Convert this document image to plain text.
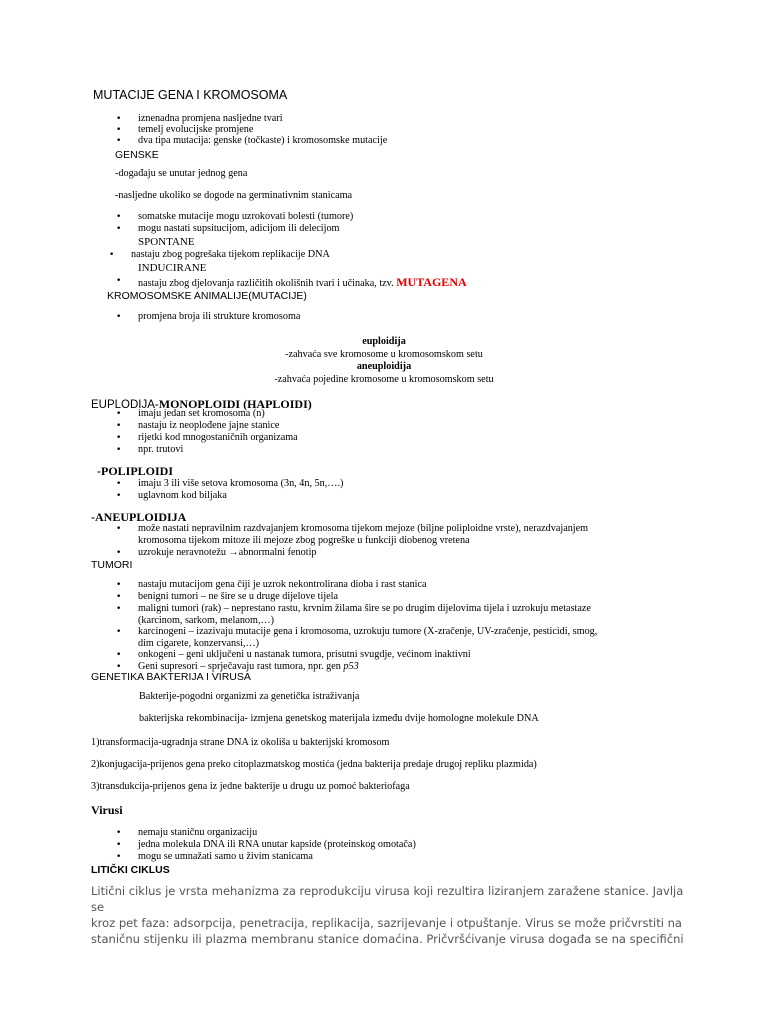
MUTACIJE GENA I KROMOSOMA
• iznenadna promjena nasljedne tvari
• temelj evolucijske promjene
• dva tipa mutacija: genske (točkaste) i kromosomske mutacije
GENSKE
-događaju se unutar jednog gena
-nasljedne ukoliko se dogode na germinativnim stanicama
• somatske mutacije mogu uzrokovati bolesti (tumore)
• mogu nastati supsitucijom, adicijom ili delecijom
SPONTANE
• nastaju zbog pogrešaka tijekom replikacije DNA
INDUCIRANE
• nastaju zbog djelovanja različitih okolišnih tvari i učinaka, tzv. MUTAGENA
KROMOSOMSKE ANIMALIJE(MUTACIJE)
• promjena broja ili strukture kromosoma
euploidija
-zahvaća sve kromosome u kromosomskom setu
aneuploidija
-zahvaća pojedine kromosome u kromosomskom setu
EUPLODIJA-MONOPLOIDI (HAPLOIDI)
• imaju jedan set kromosoma (n)
• nastaju iz neoplođene jajne stanice
• rijetki kod mnogostaničnih organizama
• npr. trutovi
-POLIPLOIDI
• imaju 3 ili više setova kromosoma (3n, 4n, 5n,….)
• uglavnom kod biljaka
-ANEUPLOIDIJA
• može nastati nepravilnim razdvajanjem kromosoma tijekom mejoze (biljne poliploidne vrste), nerazdvajanjem
kromosoma tijekom mitoze ili mejoze zbog pogreške u funkciji diobenog vretena
• uzrokuje neravnotežu →abnormalni fenotip
TUMORI
• nastaju mutacijom gena čiji je uzrok nekontrolirana dioba i rast stanica
• benigni tumori – ne šire se u druge dijelove tijela
• maligni tumori (rak) – neprestano rastu, krvnim žilama šire se po drugim dijelovima tijela i uzrokuju metastaze
(karcinom, sarkom, melanom,…)
• karcinogeni – izazivaju mutacije gena i kromosoma, uzrokuju tumore (X-zračenje, UV-zračenje, pesticidi, smog,
dim cigarete, konzervansi,…)
• onkogeni – geni uključeni u nastanak tumora, prisutni svugdje, većinom inaktivni
• Geni supresori – sprječavaju rast tumora, npr. gen p53
GENETIKA BAKTERIJA I VIRUSA
Bakterije-pogodni organizmi za genetička istraživanja
bakterijska rekombinacija- izmjena genetskog materijala između dvije homologne molekule DNA
1)transformacija-ugradnja strane DNA iz okoliša u bakterijski kromosom
2)konjugacija-prijenos gena preko citoplazmatskog mostića (jedna bakterija predaje drugoj repliku plazmida)
3)transdukcija-prijenos gena iz jedne bakterije u drugu uz pomoć bakteriofaga
Virusi
• nemaju staničnu organizaciju
• jedna molekula DNA ili RNA unutar kapside (proteinskog omotača)
• mogu se umnažati samo u živim stanicama
LITIČKI CIKLUS
Litični ciklus je vrsta mehanizma za reprodukciju virusa koji rezultira liziranjem zaražene stanice. Javlja se
kroz pet faza: adsorpcija, penetracija, replikacija, sazrijevanje i otpuštanje. Virus se može pričvrstiti na
staničnu stijenku ili plazma membranu stanice domaćina. Pričvršćivanje virusa događa se na specifični
